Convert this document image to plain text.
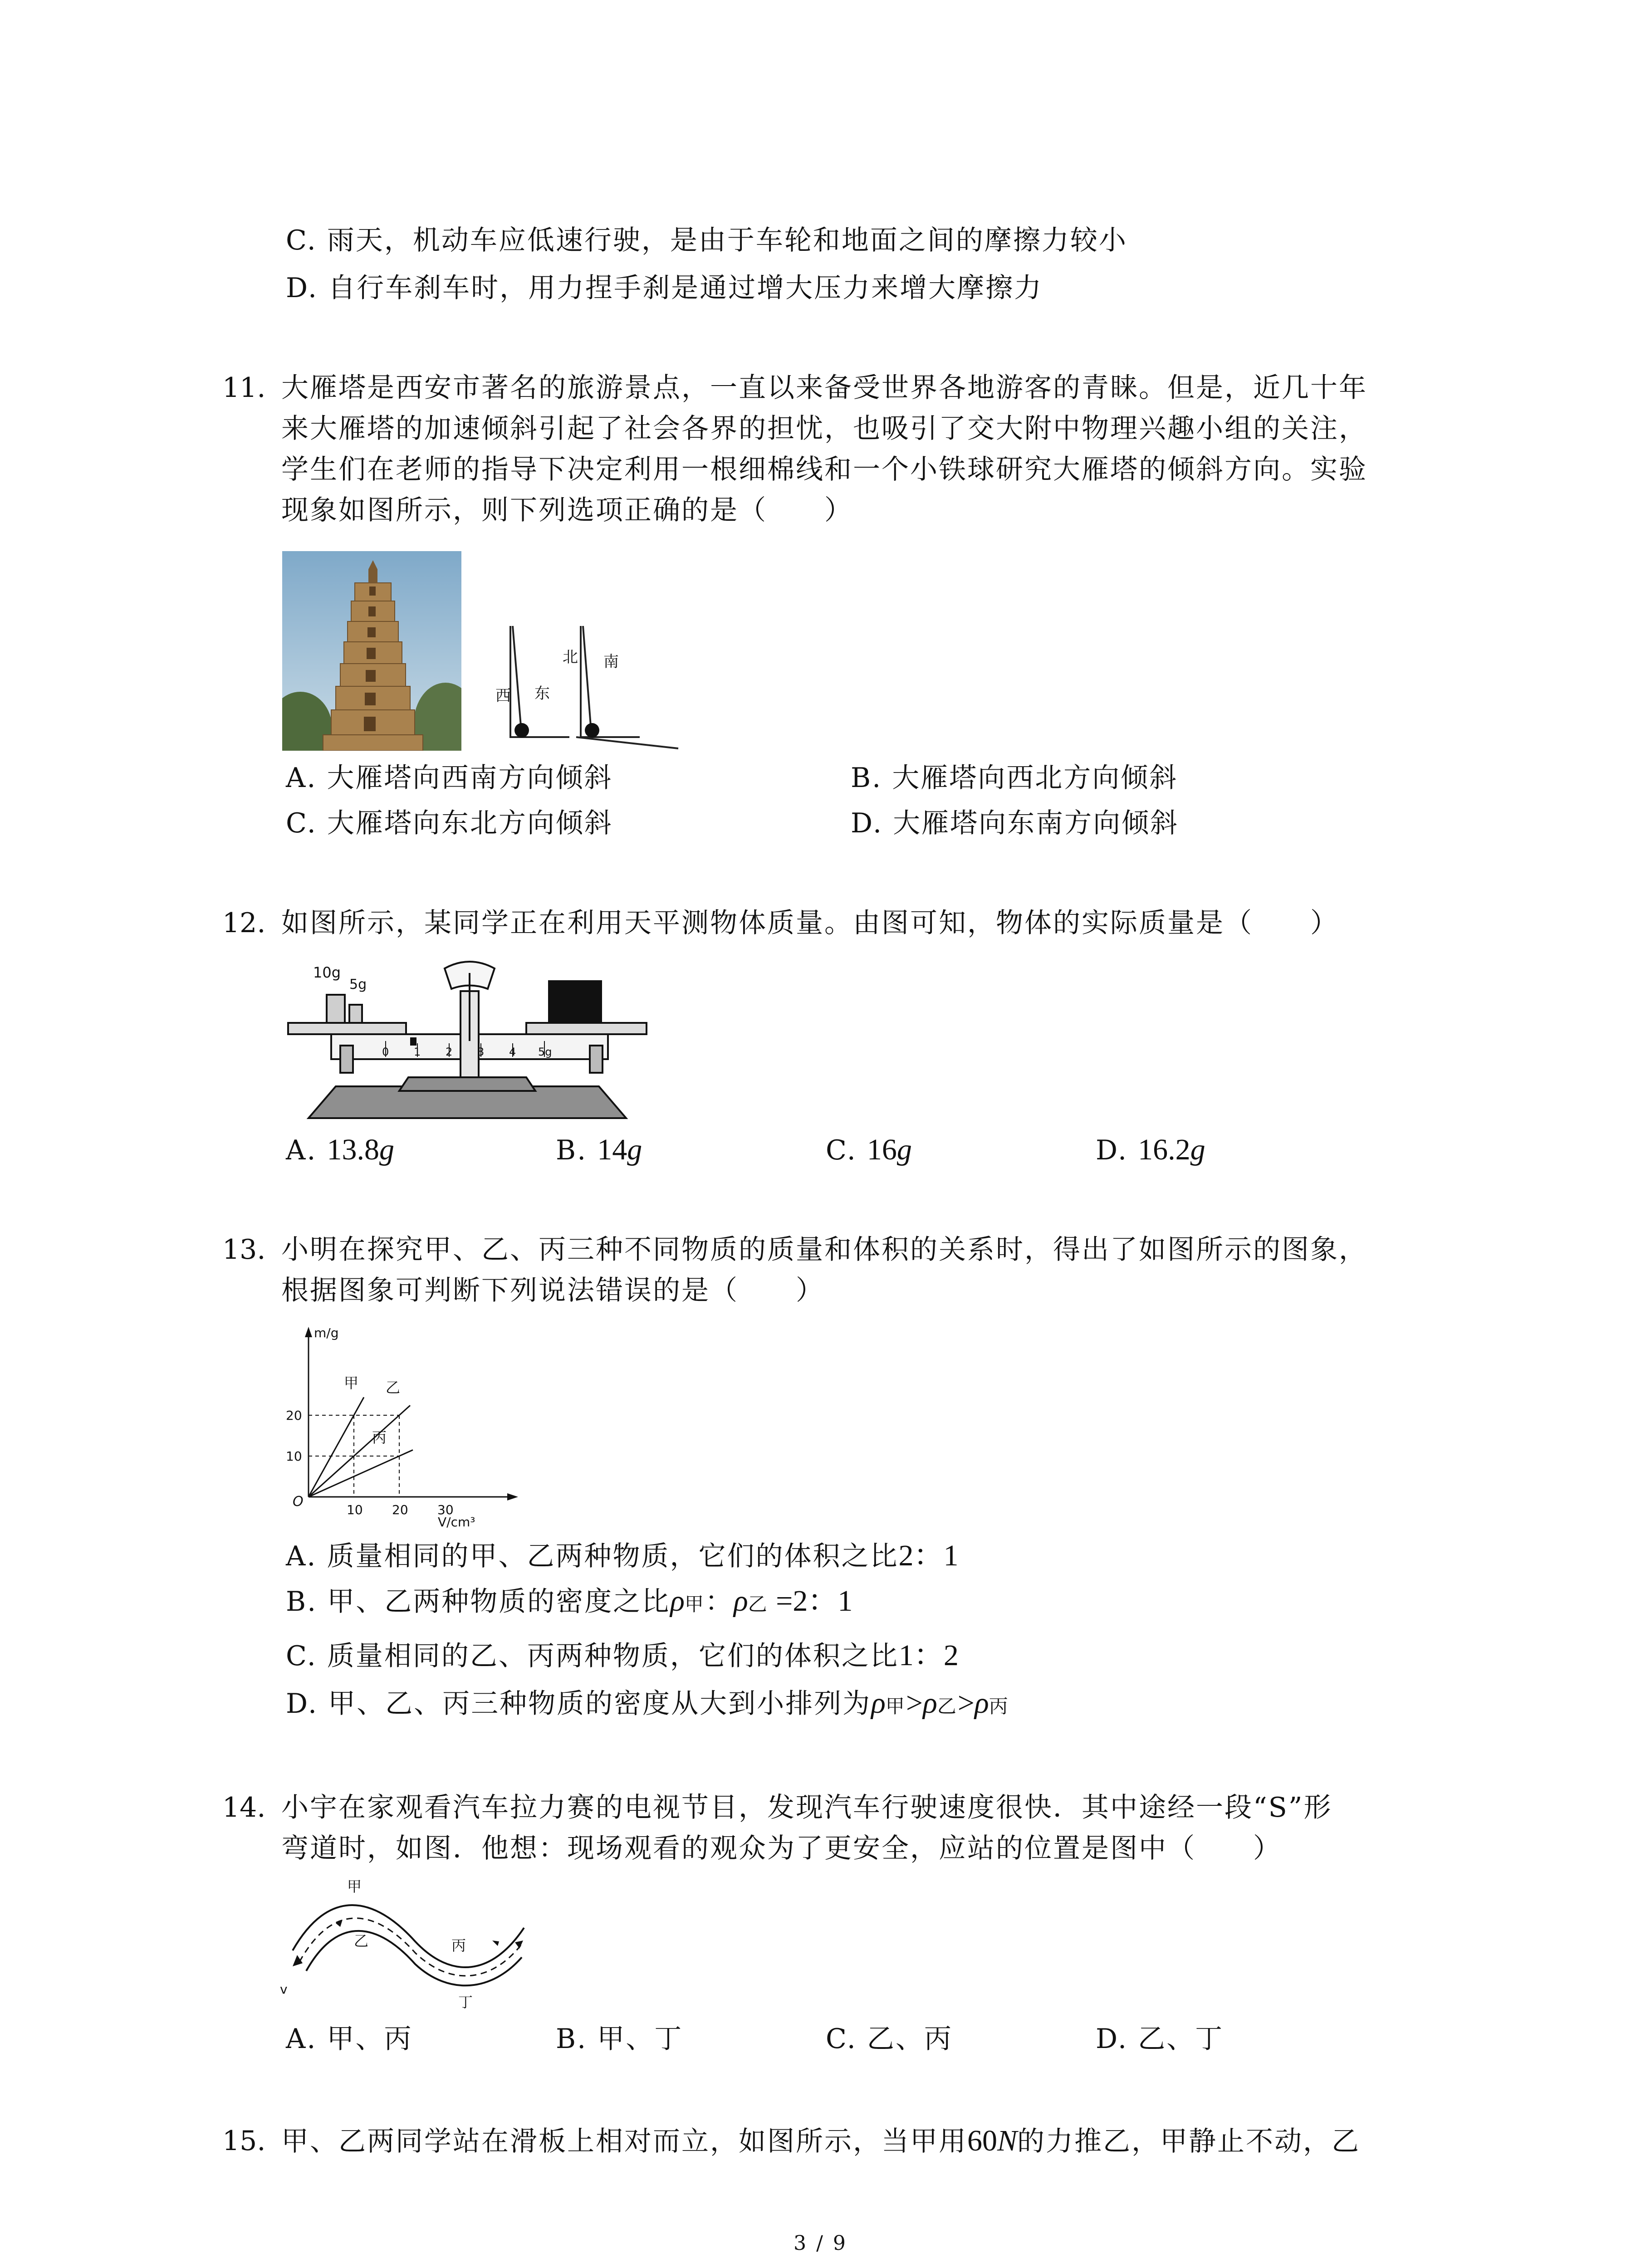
C. 雨天，机动车应低速行驶，是由于车轮和地面之间的摩擦力较小
D. 自行车刹车时，用力捏手刹是通过增大压力来增大摩擦力
11. 大雁塔是西安市著名的旅游景点，一直以来备受世界各地游客的青睐。但是，近几十年
来大雁塔的加速倾斜引起了社会各界的担忧，也吸引了交大附中物理兴趣小组的关注，
学生们在老师的指导下决定利用一根细棉线和一个小铁球研究大雁塔的倾斜方向。实验
现象如图所示，则下列选项正确的是（　　）
西 东
北 南
A. 大雁塔向西南方向倾斜	B. 大雁塔向西北方向倾斜
C. 大雁塔向东北方向倾斜	D. 大雁塔向东南方向倾斜
12. 如图所示，某同学正在利用天平测物体质量。由图可知，物体的实际质量是（　　）
10g
5g
0 1 2 3 4 5g
A. 13.8g	B. 14g	C. 16g	D. 16.2g
13. 小明在探究甲、乙、丙三种不同物质的质量和体积的关系时，得出了如图所示的图象，
根据图象可判断下列说法错误的是（　　）
10 20 30
10
20
m/g
V/cm³
O
甲 乙
丙
A. 质量相同的甲、乙两种物质，它们的体积之比2：1
B. 甲、乙两种物质的密度之比ρ甲：ρ乙 =2：1
C. 质量相同的乙、丙两种物质，它们的体积之比1：2
D. 甲、乙、丙三种物质的密度从大到小排列为ρ甲>ρ乙>ρ丙
14. 小宇在家观看汽车拉力赛的电视节目，发现汽车行驶速度很快．其中途经一段“S”形
弯道时，如图．他想：现场观看的观众为了更安全，应站的位置是图中（　　）
甲
乙	丙
丁
v
A. 甲、丙	B. 甲、丁	C. 乙、丙	D. 乙、丁
15. 甲、乙两同学站在滑板上相对而立，如图所示，当甲用60N的力推乙，甲静止不动，乙
3 / 9
